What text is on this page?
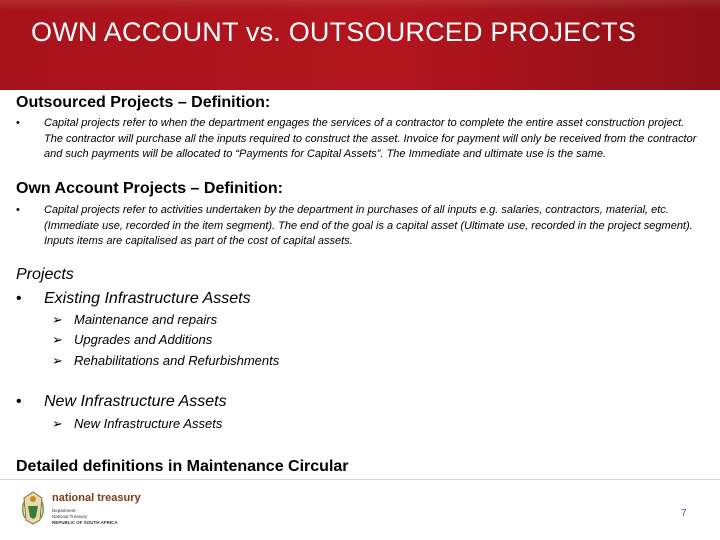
OWN ACCOUNT vs. OUTSOURCED PROJECTS
Outsourced Projects – Definition:
• Capital projects refer to when the department engages the services of a contractor to complete the entire asset construction project. The contractor will purchase all the inputs required to construct the asset. Invoice for payment will only be received from the contractor and such payments will be allocated to “Payments for Capital Assets”. The Immediate and ultimate use is the same.
Own Account Projects – Definition:
• Capital projects refer to activities undertaken by the department in purchases of all inputs e.g. salaries, contractors, material, etc. (Immediate use, recorded in the item segment). The end of the goal is a capital asset (Ultimate use, recorded in the project segment). Inputs items are capitalised as part of the cost of capital assets.
Projects
• Existing Infrastructure Assets
➢ Maintenance and repairs
➢ Upgrades and Additions
➢ Rehabilitations and Refurbishments
• New Infrastructure Assets
➢ New Infrastructure Assets
Detailed definitions in Maintenance Circular
national treasury
Department:
National Treasury
REPUBLIC OF SOUTH AFRICA
7
